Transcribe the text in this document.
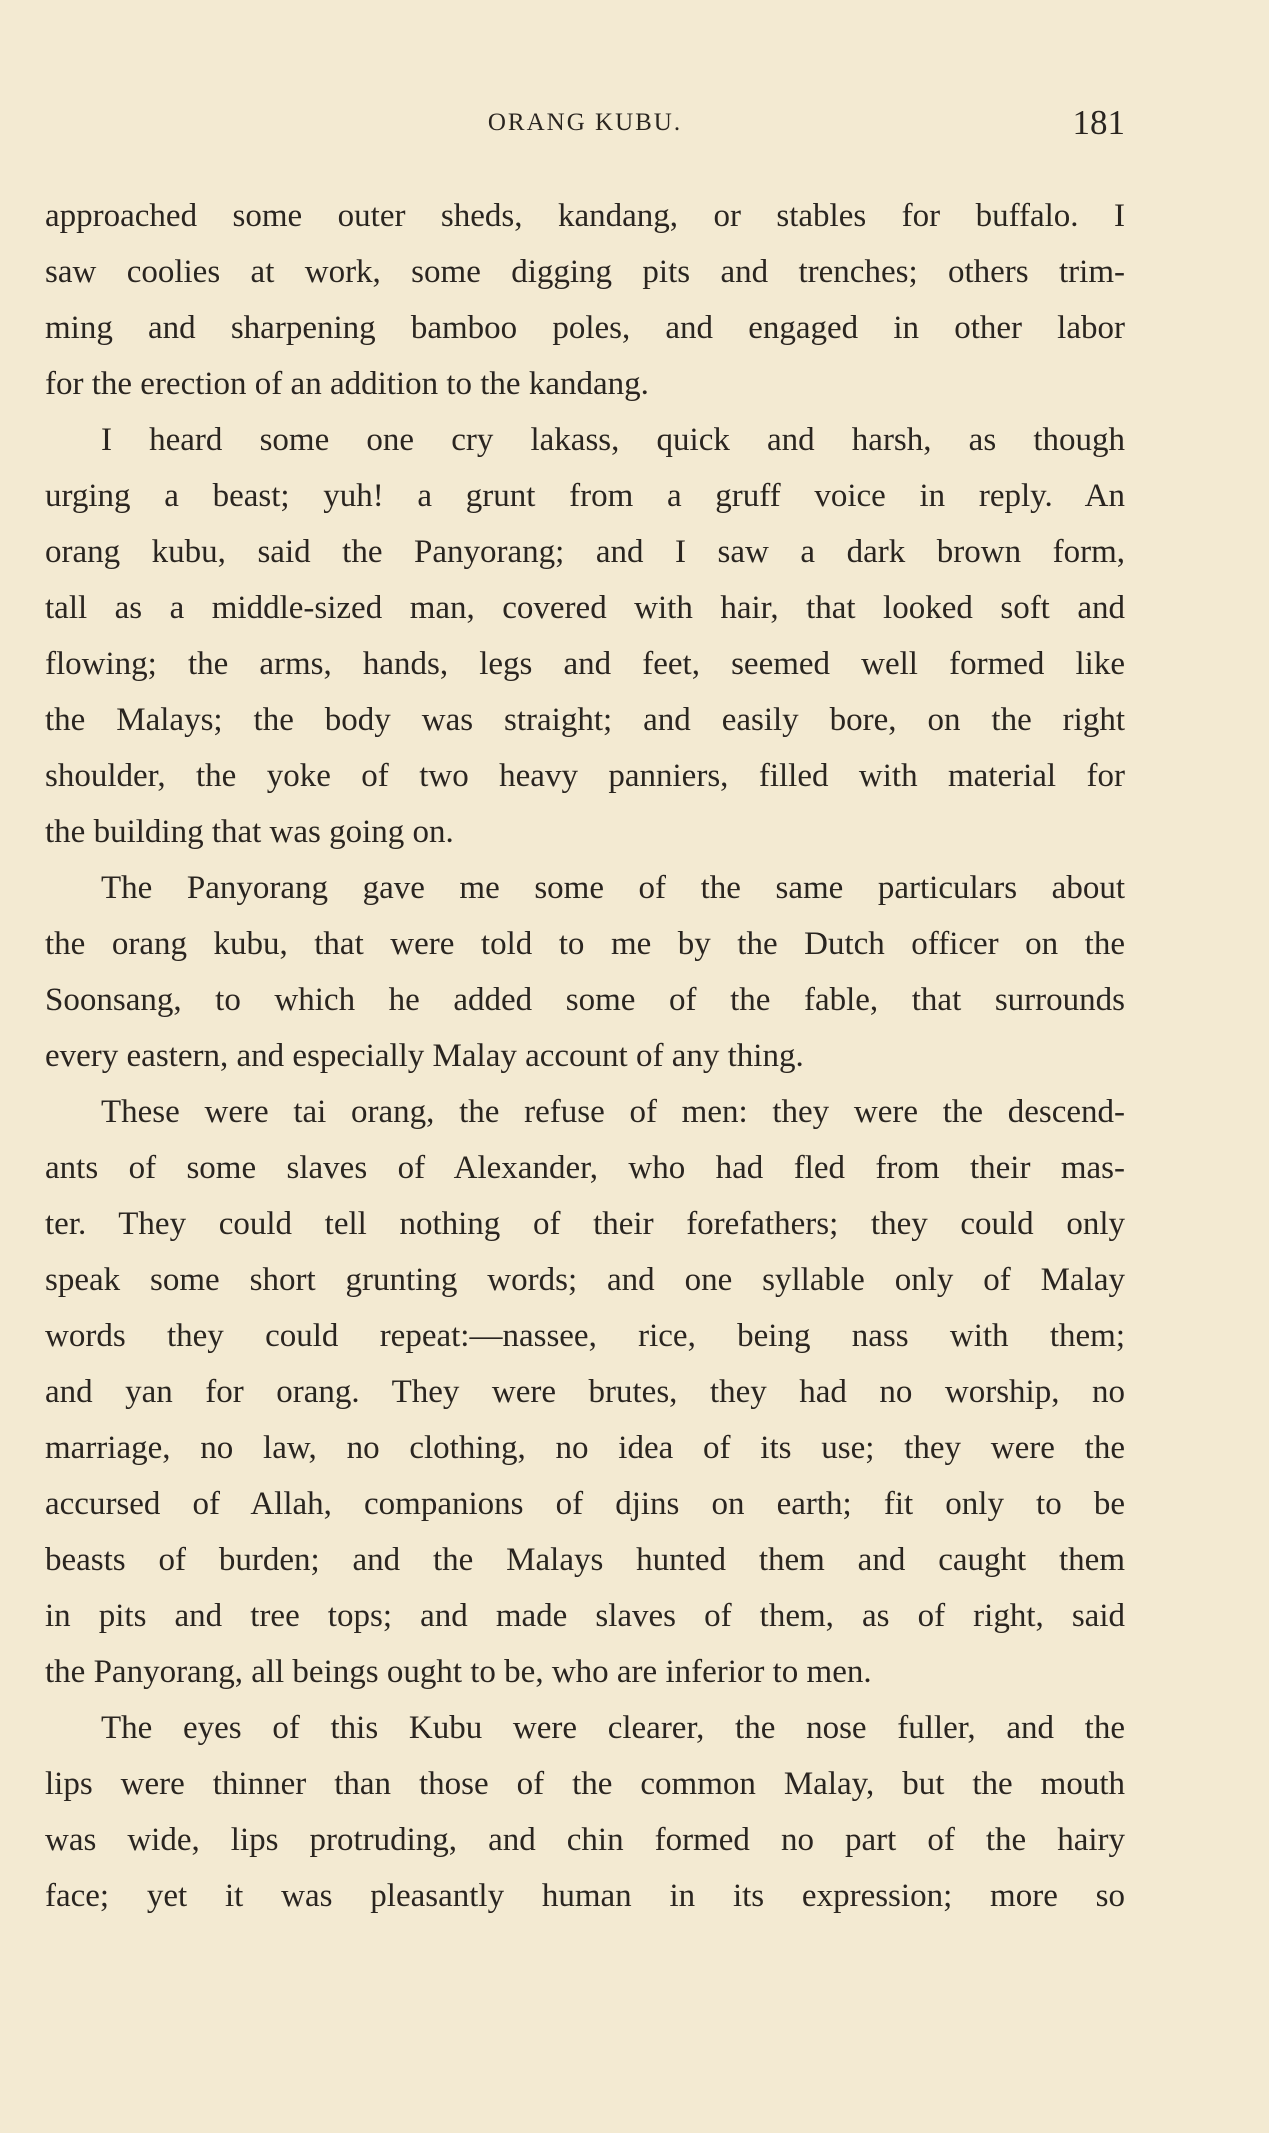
ORANG KUBU.	181
approached some outer sheds, kandang, or stables for buffalo. I
saw coolies at work, some digging pits and trenches; others trim-
ming and sharpening bamboo poles, and engaged in other labor
for the erection of an addition to the kandang.
I heard some one cry lakass, quick and harsh, as though
urging a beast; yuh! a grunt from a gruff voice in reply. An
orang kubu, said the Panyorang; and I saw a dark brown form,
tall as a middle-sized man, covered with hair, that looked soft and
flowing; the arms, hands, legs and feet, seemed well formed like
the Malays; the body was straight; and easily bore, on the right
shoulder, the yoke of two heavy panniers, filled with material for
the building that was going on.
The Panyorang gave me some of the same particulars about
the orang kubu, that were told to me by the Dutch officer on the
Soonsang, to which he added some of the fable, that surrounds
every eastern, and especially Malay account of any thing.
These were tai orang, the refuse of men: they were the descend-
ants of some slaves of Alexander, who had fled from their mas-
ter. They could tell nothing of their forefathers; they could only
speak some short grunting words; and one syllable only of Malay
words they could repeat:—nassee, rice, being nass with them;
and yan for orang. They were brutes, they had no worship, no
marriage, no law, no clothing, no idea of its use; they were the
accursed of Allah, companions of djins on earth; fit only to be
beasts of burden; and the Malays hunted them and caught them
in pits and tree tops; and made slaves of them, as of right, said
the Panyorang, all beings ought to be, who are inferior to men.
The eyes of this Kubu were clearer, the nose fuller, and the
lips were thinner than those of the common Malay, but the mouth
was wide, lips protruding, and chin formed no part of the hairy
face; yet it was pleasantly human in its expression; more so
